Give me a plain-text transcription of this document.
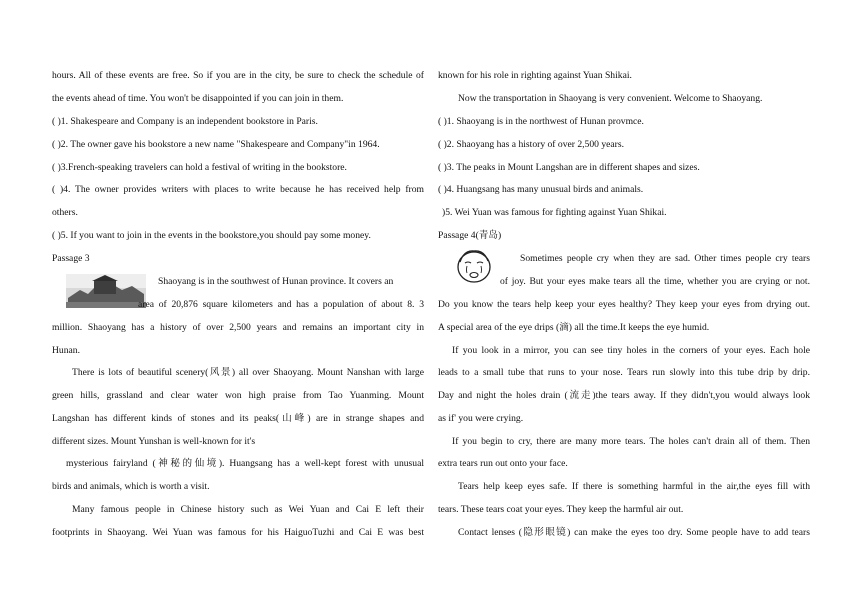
hours. All of these events are free. So if you are in the city, be sure to check the schedule of
the events ahead of time. You won't be disappointed if you can join in them.
( )1. Shakespeare and Company is an independent bookstore in Paris.
( )2. The owner gave his bookstore a new name "Shakespeare and Company"in 1964.
( )3.French-speaking travelers can hold a festival of writing in the bookstore.
( )4. The owner provides writers with places to write because he has received help from
others.
( )5. If you want to join in the events in the bookstore,you should pay some money.
Passage 3
Shaoyang is in the southwest of Hunan province. It covers an
area of 20,876 square kilometers and has a population of about 8. 3
million. Shaoyang has a history of over 2,500 years and remains an important city in
Hunan.
There is lots of beautiful scenery(风景) all over Shaoyang. Mount Nanshan with large
green hills, grassland and clear water won high praise from Tao Yuanming. Mount
Langshan has different kinds of stones and its peaks(山峰) are in strange shapes and
different sizes. Mount Yunshan is well-known for it's
mysterious fairyland (神秘的仙境). Huangsang has a well-kept forest with unusual
birds and animals, which is worth a visit.
Many famous people in Chinese history such as Wei Yuan and Cai E left their
footprints in Shaoyang. Wei Yuan was famous for his HaiguoTuzhi and Cai E was best
known for his role in righting against Yuan Shikai.
Now the transportation in Shaoyang is very convenient. Welcome to Shaoyang.
( )1. Shaoyang is in the northwest of Hunan provmce.
( )2. Shaoyang has a history of over 2,500 years.
( )3. The peaks in Mount Langshan are in different shapes and sizes.
( )4. Huangsang has many unusual birds and animals.
)5. Wei Yuan was famous for fighting against Yuan Shikai.
Passage 4(青岛)
Sometimes people cry when they are sad. Other times people cry tears
of joy. But your eyes make tears all the time, whether you are crying or not.
Do you know the tears help keep your eyes healthy? They keep your eyes from drying out.
A special area of the eye drips (滴) all the time.It keeps the eye humid.
If you look in a mirror, you can see tiny holes in the corners of your eyes. Each hole
leads to a small tube that runs to your nose. Tears run slowly into this tube drip by drip.
Day and night the holes drain (流走)the tears away. If they didn't,you would always look
as if' you were crying.
If you begin to cry, there are many more tears. The holes can't drain all of them. Then
extra tears run out onto your face.
Tears help keep eyes safe. If there is something harmful in the air,the eyes fill with
tears. These tears coat your eyes. They keep the harmful air out.
Contact lenses (隐形眼镜) can make the eyes too dry. Some people have to add tears
